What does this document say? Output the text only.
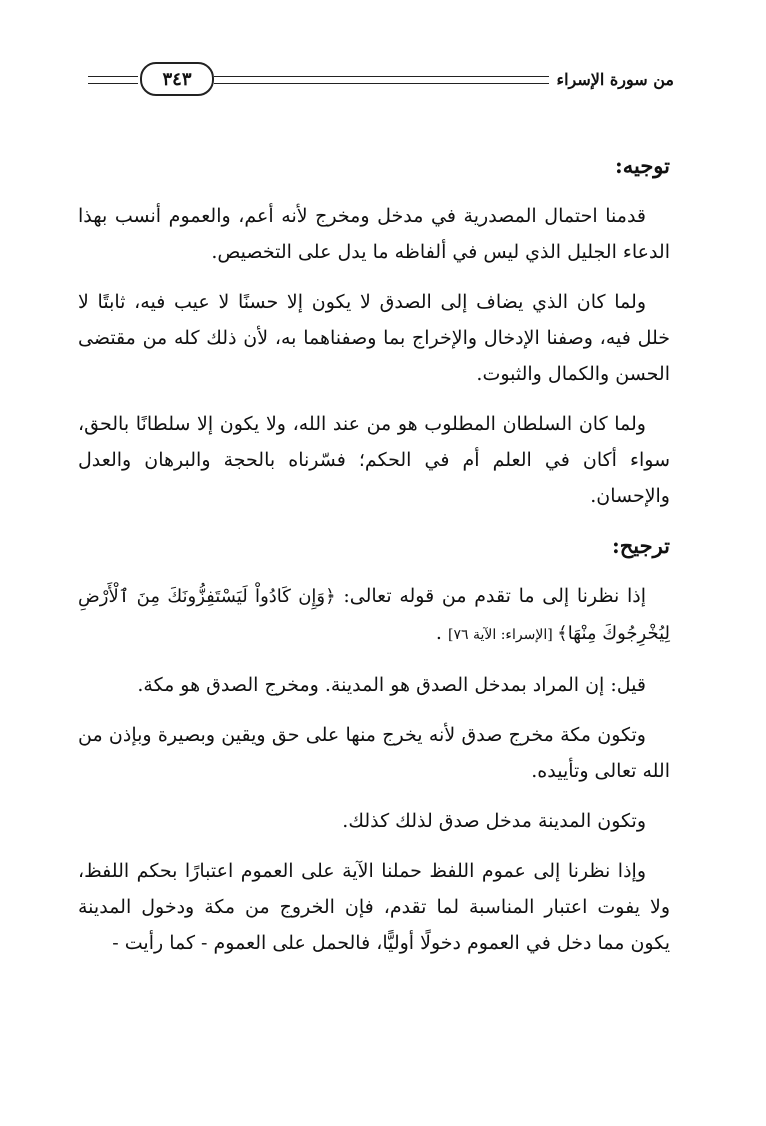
٣٤٣	من سورة الإسراء
توجيه:

قدمنا احتمال المصدرية في مدخل ومخرج لأنه أعم، والعموم أنسب بهذا الدعاء الجليل الذي ليس في ألفاظه ما يدل على التخصيص.

ولما كان الذي يضاف إلى الصدق لا يكون إلا حسنًا لا عيب فيه، ثابتًا لا خلل فيه، وصفنا الإدخال والإخراج بما وصفناهما به، لأن ذلك كله من مقتضى الحسن والكمال والثبوت.

ولما كان السلطان المطلوب هو من عند الله، ولا يكون إلا سلطانًا بالحق، سواء أكان في العلم أم في الحكم؛ فسّرناه بالحجة والبرهان والعدل والإحسان.

ترجيح:

إذا نظرنا إلى ما تقدم من قوله تعالى: ﴿وَإِن كَادُواْ لَيَسْتَفِزُّونَكَ مِنَ ٱلْأَرْضِ لِيُخْرِجُوكَ مِنْهَا﴾ [الإسراء: الآية ٧٦] .

قيل: إن المراد بمدخل الصدق هو المدينة. ومخرج الصدق هو مكة.

وتكون مكة مخرج صدق لأنه يخرج منها على حق ويقين وبصيرة وبإذن من الله تعالى وتأييده.

وتكون المدينة مدخل صدق لذلك كذلك.

وإذا نظرنا إلى عموم اللفظ حملنا الآية على العموم اعتبارًا بحكم اللفظ، ولا يفوت اعتبار المناسبة لما تقدم، فإن الخروج من مكة ودخول المدينة يكون مما دخل في العموم دخولًا أوليًّا، فالحمل على العموم - كما رأيت -
